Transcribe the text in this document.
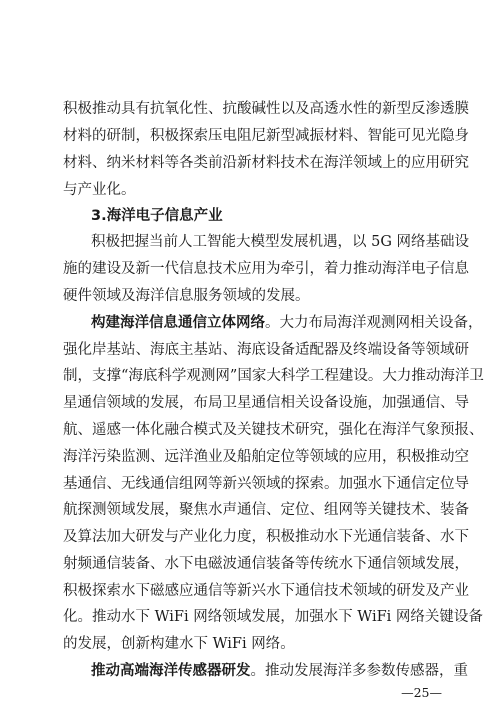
积极推动具有抗氧化性、抗酸碱性以及高透水性的新型反渗透膜
材料的研制，积极探索压电阻尼新型减振材料、智能可见光隐身
材料、纳米材料等各类前沿新材料技术在海洋领域上的应用研究
与产业化。
3.海洋电子信息产业
积极把握当前人工智能大模型发展机遇，以 5G 网络基础设
施的建设及新一代信息技术应用为牵引，着力推动海洋电子信息
硬件领域及海洋信息服务领域的发展。
构建海洋信息通信立体网络。大力布局海洋观测网相关设备，
强化岸基站、海底主基站、海底设备适配器及终端设备等领域研
制，支撑“海底科学观测网”国家大科学工程建设。大力推动海洋卫
星通信领域的发展，布局卫星通信相关设备设施，加强通信、导
航、遥感一体化融合模式及关键技术研究，强化在海洋气象预报、
海洋污染监测、远洋渔业及船舶定位等领域的应用，积极推动空
基通信、无线通信组网等新兴领域的探索。加强水下通信定位导
航探测领域发展，聚焦水声通信、定位、组网等关键技术、装备
及算法加大研发与产业化力度，积极推动水下光通信装备、水下
射频通信装备、水下电磁波通信装备等传统水下通信领域发展，
积极探索水下磁感应通信等新兴水下通信技术领域的研发及产业
化。推动水下 WiFi 网络领域发展，加强水下 WiFi 网络关键设备
的发展，创新构建水下 WiFi 网络。
推动高端海洋传感器研发。推动发展海洋多参数传感器，重
—25—
